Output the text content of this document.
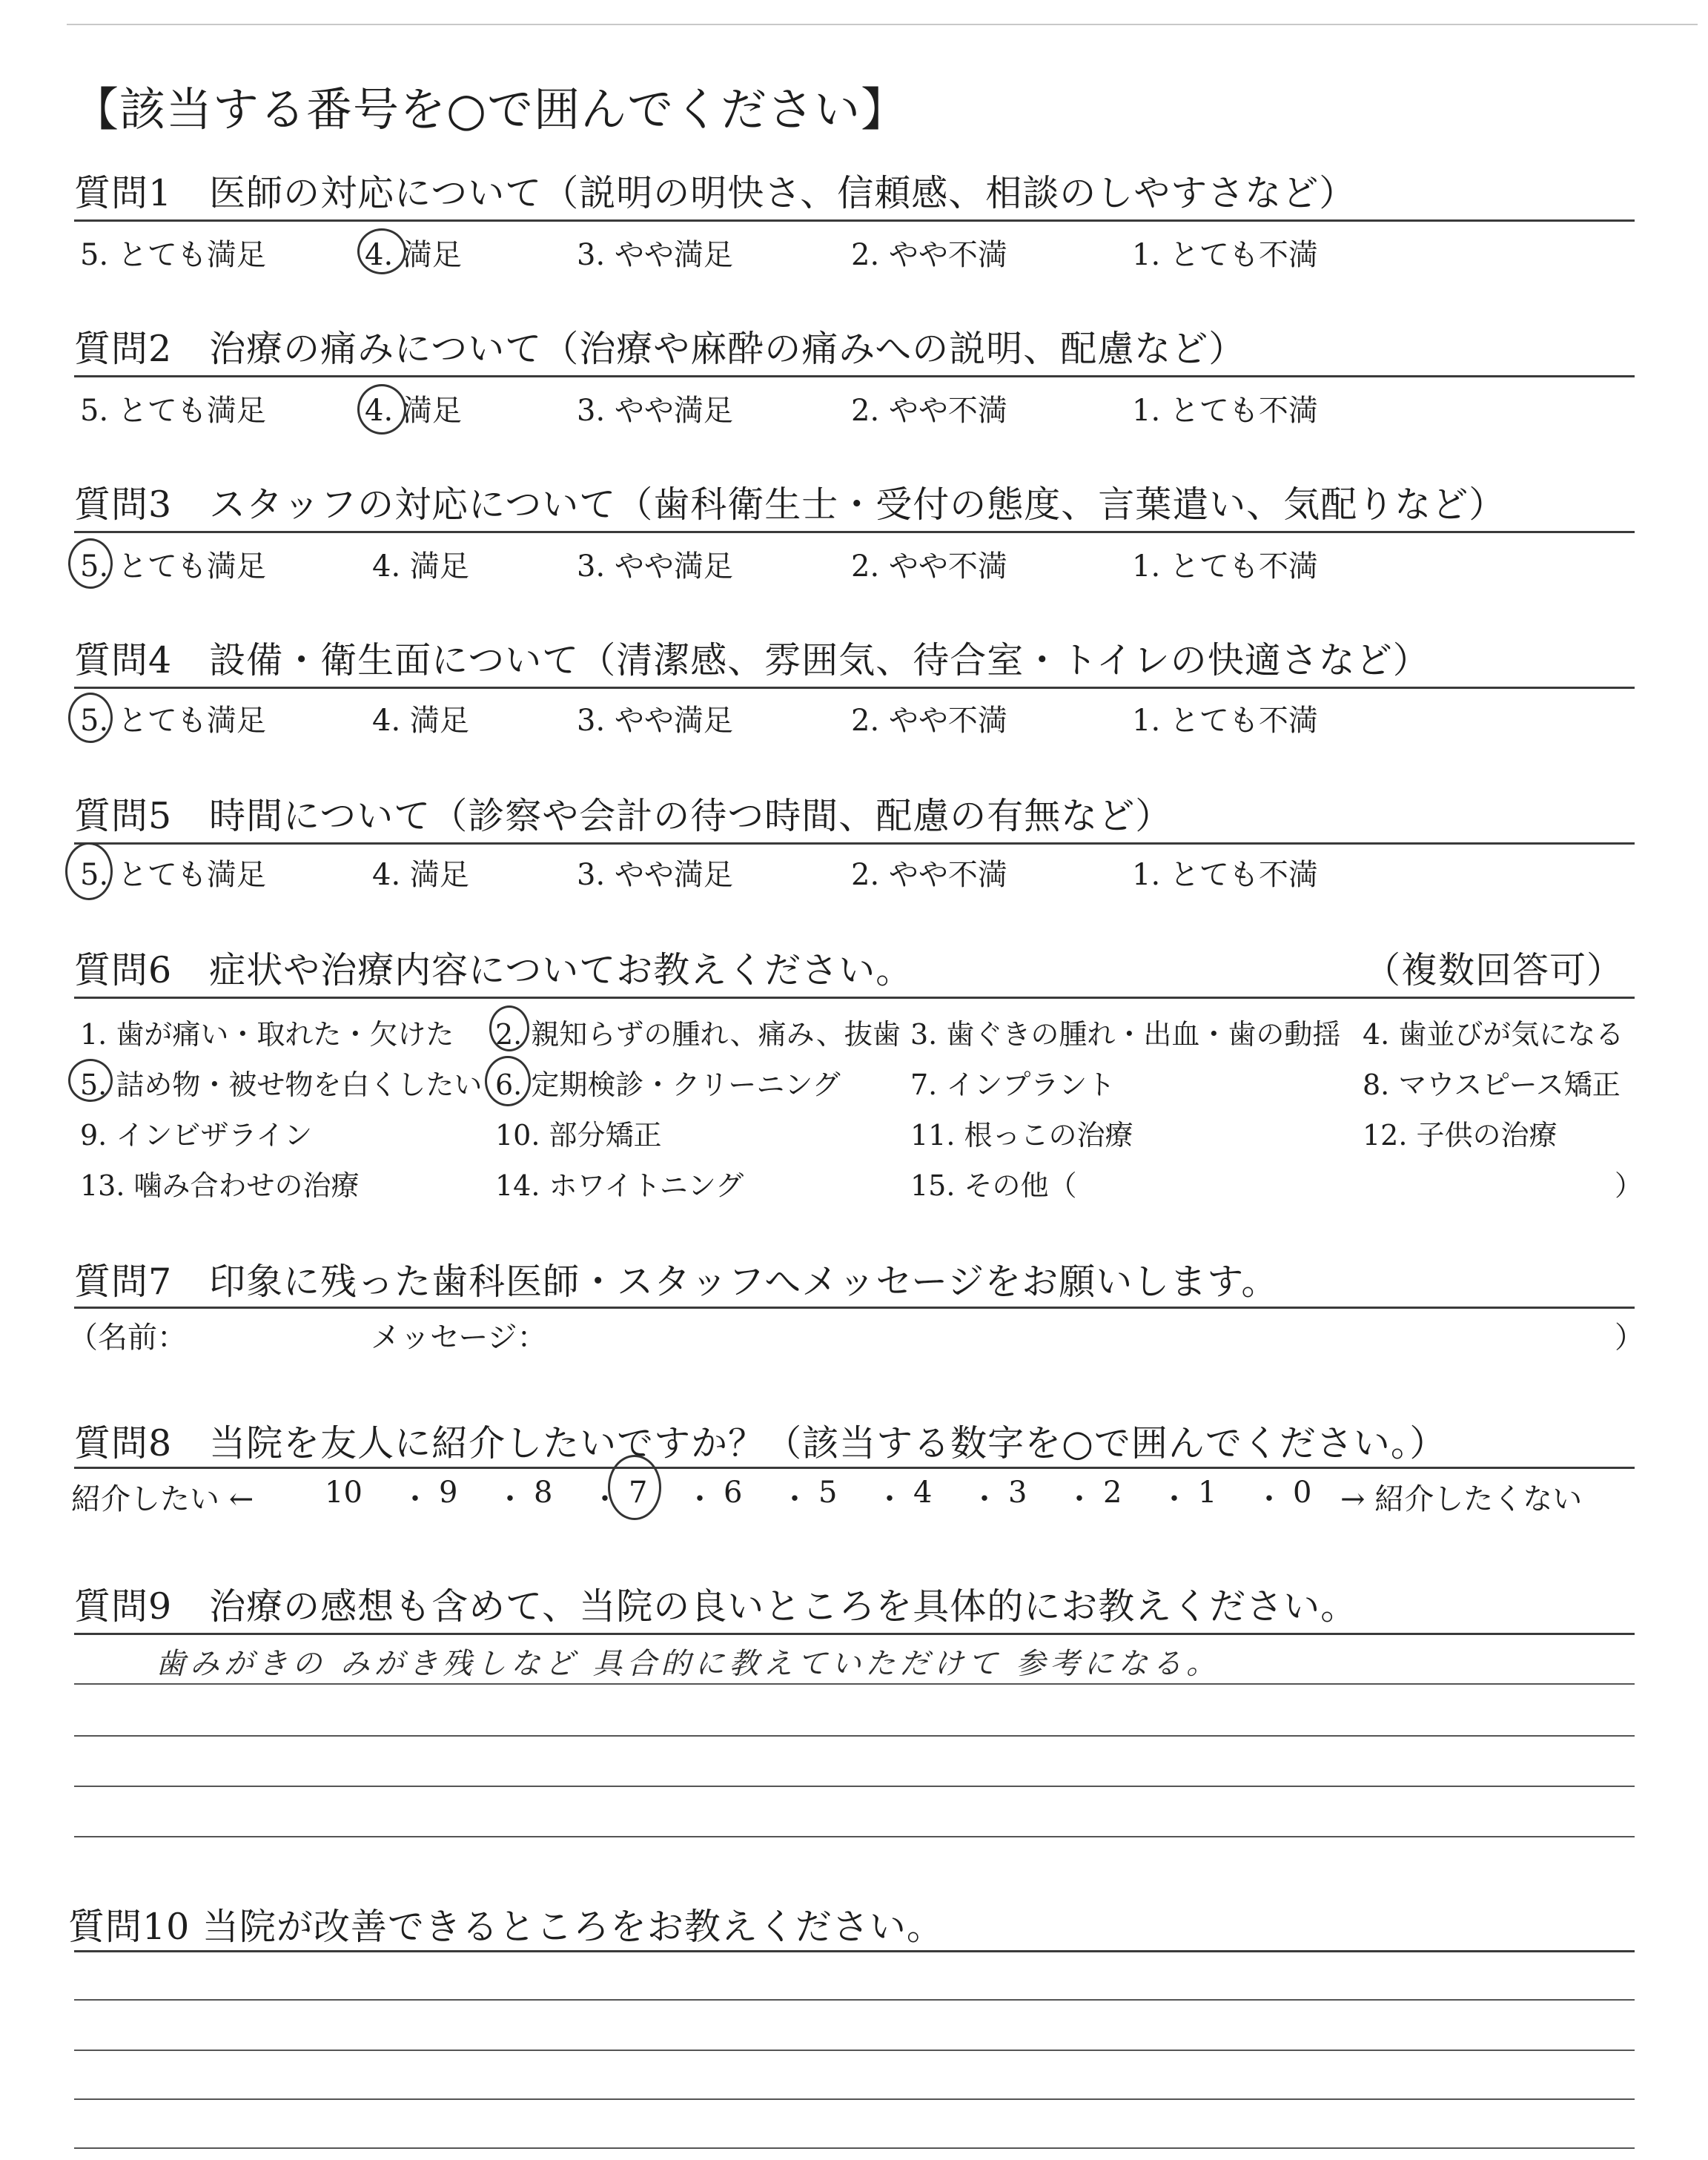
【該当する番号を○で囲んでください】
質問1　医師の対応について（説明の明快さ、信頼感、相談のしやすさなど）
5. とても満足	4. 満足	3. やや満足	2. やや不満	1. とても不満
質問2　治療の痛みについて（治療や麻酔の痛みへの説明、配慮など）
5. とても満足	4. 満足	3. やや満足	2. やや不満	1. とても不満
質問3　スタッフの対応について（歯科衛生士・受付の態度、言葉遣い、気配りなど）
5. とても満足	4. 満足	3. やや満足	2. やや不満	1. とても不満
質問4　設備・衛生面について（清潔感、雰囲気、待合室・トイレの快適さなど）
5. とても満足	4. 満足	3. やや満足	2. やや不満	1. とても不満
質問5　時間について（診察や会計の待つ時間、配慮の有無など）
5. とても満足	4. 満足	3. やや満足	2. やや不満	1. とても不満
質問6　症状や治療内容についてお教えください。	（複数回答可）
1. 歯が痛い・取れた・欠けた 2. 親知らずの腫れ、痛み、抜歯 3. 歯ぐきの腫れ・出血・歯の動揺 4. 歯並びが気になる
5. 詰め物・被せ物を白くしたい 6. 定期検診・クリーニング 7. インプラント	8. マウスピース矯正
9. インビザライン	10. 部分矯正	11. 根っこの治療	12. 子供の治療
13. 噛み合わせの治療	14. ホワイトニング	15. その他（	）
質問7　印象に残った歯科医師・スタッフへメッセージをお願いします。
（名前：	メッセージ：	）
質問8　当院を友人に紹介したいですか？（該当する数字を○で囲んでください。）
紹介したい ←	→ 紹介したくない
10	9	8	7	6	5	4	3	2	1	0
・ ・ ・ ・ ・ ・ ・ ・ ・ ・
質問9　治療の感想も含めて、当院の良いところを具体的にお教えください。
歯みがきの みがき残しなど 具合的に教えていただけて 参考になる。
質問10 当院が改善できるところをお教えください。
